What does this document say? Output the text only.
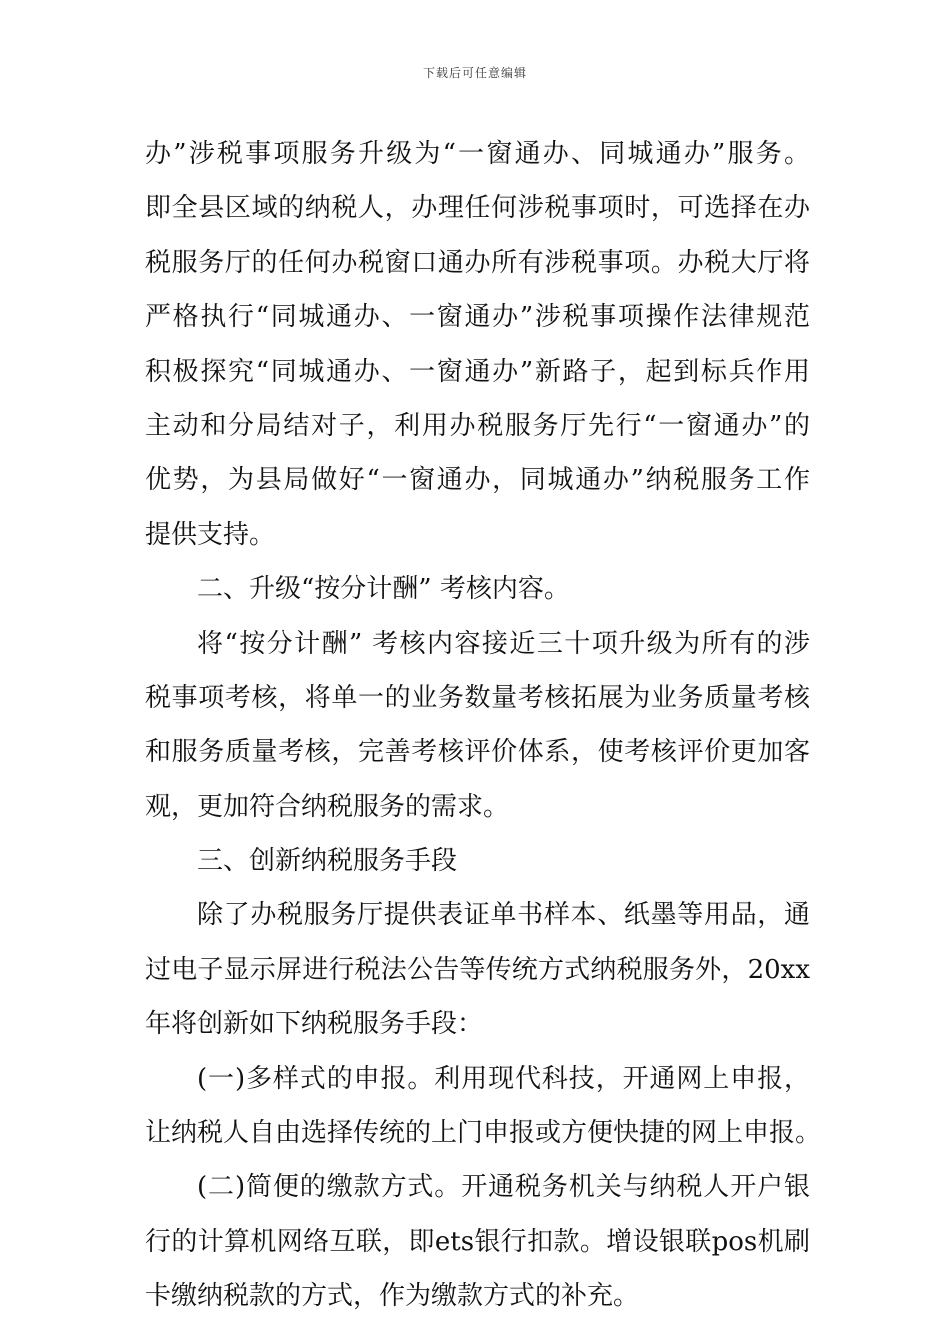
下载后可任意编辑
办”涉税事项服务升级为“一窗通办、同城通办”服务。
即全县区域的纳税人，办理任何涉税事项时，可选择在办
税服务厅的任何办税窗口通办所有涉税事项。办税大厅将
严格执行“同城通办、一窗通办”涉税事项操作法律规范
积极探究“同城通办、一窗通办”新路子，起到标兵作用
主动和分局结对子，利用办税服务厅先行“一窗通办”的
优势，为县局做好“一窗通办，同城通办”纳税服务工作
提供支持。
二、升级“按分计酬” 考核内容。
将“按分计酬” 考核内容接近三十项升级为所有的涉
税事项考核，将单一的业务数量考核拓展为业务质量考核
和服务质量考核，完善考核评价体系，使考核评价更加客
观，更加符合纳税服务的需求。
三、创新纳税服务手段
除了办税服务厅提供表证单书样本、纸墨等用品，通
过电子显示屏进行税法公告等传统方式纳税服务外，20xx
年将创新如下纳税服务手段：
(一)多样式的申报。利用现代科技，开通网上申报，
让纳税人自由选择传统的上门申报或方便快捷的网上申报。
(二)简便的缴款方式。开通税务机关与纳税人开户银
行的计算机网络互联，即ets银行扣款。增设银联pos机刷
卡缴纳税款的方式，作为缴款方式的补充。
